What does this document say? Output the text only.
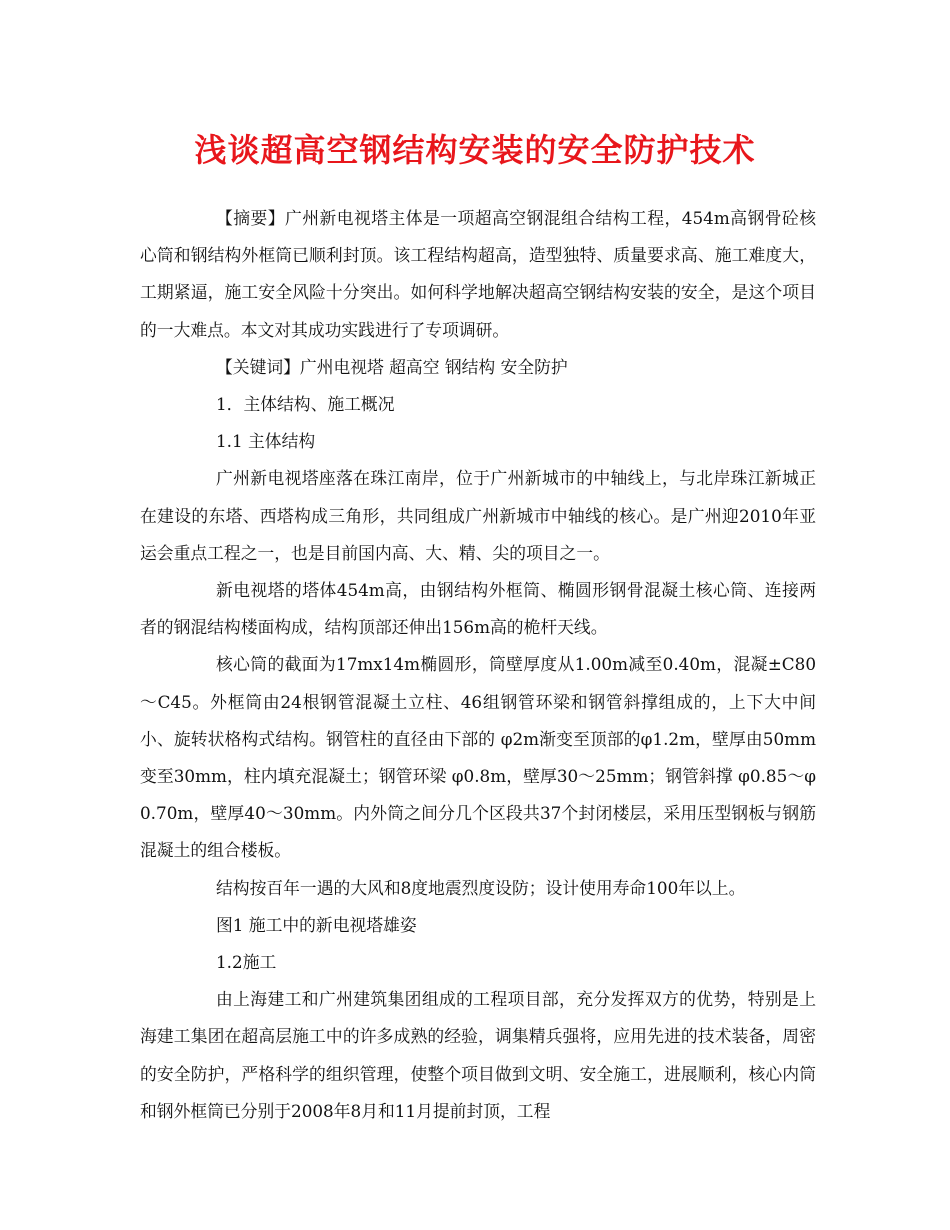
浅谈超高空钢结构安装的安全防护技术

【摘要】广州新电视塔主体是一项超高空钢混组合结构工程，454m高钢骨砼核心筒和钢结构外框筒已顺利封顶。该工程结构超高，造型独特、质量要求高、施工难度大，工期紧逼，施工安全风险十分突出。如何科学地解决超高空钢结构安装的安全，是这个项目的一大难点。本文对其成功实践进行了专项调研。

【关键词】广州电视塔 超高空 钢结构 安全防护

1．主体结构、施工概况

1.1 主体结构

广州新电视塔座落在珠江南岸，位于广州新城市的中轴线上，与北岸珠江新城正在建设的东塔、西塔构成三角形，共同组成广州新城市中轴线的核心。是广州迎2010年亚运会重点工程之一，也是目前国内高、大、精、尖的项目之一。

新电视塔的塔体454m高，由钢结构外框筒、椭圆形钢骨混凝土核心筒、连接两者的钢混结构楼面构成，结构顶部还伸出156m高的桅杆天线。

核心筒的截面为17mx14m椭圆形，筒壁厚度从1.00m减至0.40m，混凝±C80～C45。外框筒由24根钢管混凝土立柱、46组钢管环梁和钢管斜撑组成的，上下大中间小、旋转状格构式结构。钢管柱的直径由下部的 φ2m渐变至顶部的φ1.2m，壁厚由50mm变至30mm，柱内填充混凝土；钢管环梁 φ0.8m，壁厚30～25mm；钢管斜撑 φ0.85～φ0.70m，壁厚40～30mm。内外筒之间分几个区段共37个封闭楼层，采用压型钢板与钢筋混凝土的组合楼板。

结构按百年一遇的大风和8度地震烈度设防；设计使用寿命100年以上。

图1 施工中的新电视塔雄姿

1.2施工

由上海建工和广州建筑集团组成的工程项目部，充分发挥双方的优势，特别是上海建工集团在超高层施工中的许多成熟的经验，调集精兵强将，应用先进的技术装备，周密的安全防护，严格科学的组织管理，使整个项目做到文明、安全施工，进展顺利，核心内筒和钢外框筒已分别于2008年8月和11月提前封顶，工程
